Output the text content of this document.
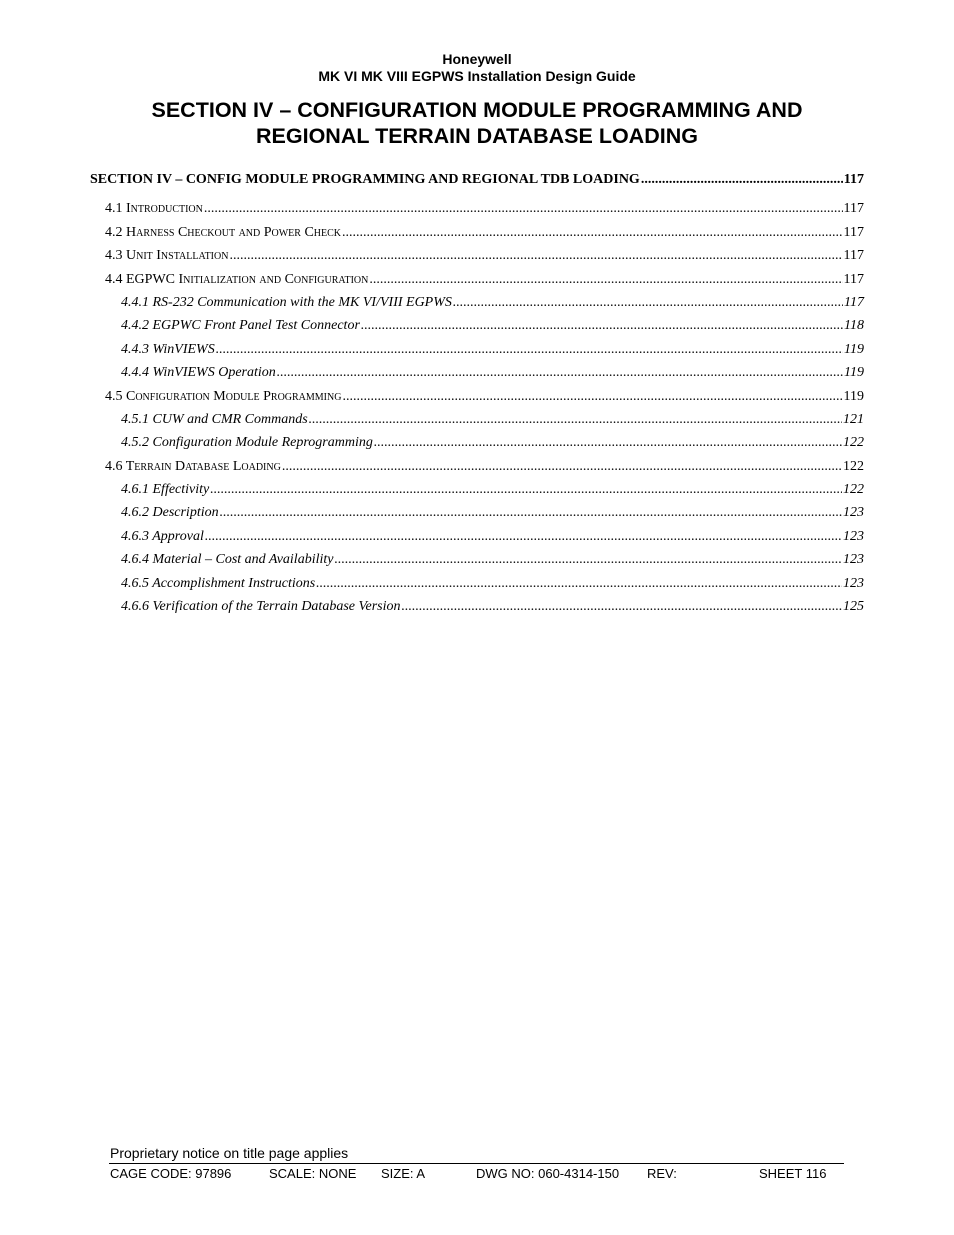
Honeywell
MK VI MK VIII EGPWS Installation Design Guide
SECTION IV – CONFIGURATION MODULE PROGRAMMING AND
REGIONAL TERRAIN DATABASE LOADING
SECTION IV – CONFIG MODULE PROGRAMMING AND REGIONAL TDB LOADING .....	117
4.1 Introduction .....	117
4.2 Harness Checkout and Power Check .....	117
4.3 Unit Installation .....	117
4.4 EGPWC Initialization and Configuration .....	117
4.4.1 RS-232 Communication with the MK VI/VIII EGPWS .....	117
4.4.2 EGPWC Front Panel Test Connector .....	118
4.4.3 WinVIEWS .....	119
4.4.4 WinVIEWS Operation .....	119
4.5 Configuration Module Programming .....	119
4.5.1 CUW and CMR Commands .....	121
4.5.2 Configuration Module Reprogramming .....	122
4.6 Terrain Database Loading .....	122
4.6.1 Effectivity .....	122
4.6.2 Description .....	123
4.6.3 Approval .....	123
4.6.4 Material – Cost and Availability .....	123
4.6.5 Accomplishment Instructions .....	123
4.6.6 Verification of the Terrain Database Version .....	125
Proprietary notice on title page applies
CAGE CODE: 97896	SCALE: NONE SIZE: A	DWG NO: 060-4314-150 REV:	SHEET 116
